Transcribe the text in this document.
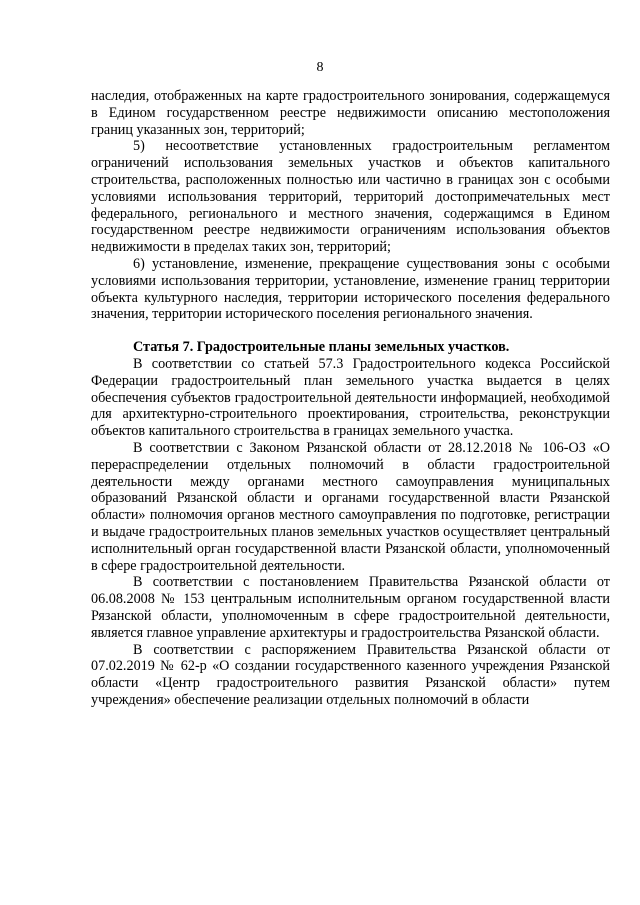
8

наследия, отображенных на карте градостроительного зонирования, содержащемуся в Едином государственном реестре недвижимости описанию местоположения границ указанных зон, территорий;

5) несоответствие установленных градостроительным регламентом ограничений использования земельных участков и объектов капитального строительства, расположенных полностью или частично в границах зон с особыми условиями использования территорий, территорий достопримечательных мест федерального, регионального и местного значения, содержащимся в Едином государственном реестре недвижимости ограничениям использования объектов недвижимости в пределах таких зон, территорий;

6) установление, изменение, прекращение существования зоны с особыми условиями использования территории, установление, изменение границ территории объекта культурного наследия, территории исторического поселения федерального значения, территории исторического поселения регионального значения.

Статья 7. Градостроительные планы земельных участков.

В соответствии со статьей 57.3 Градостроительного кодекса Российской Федерации градостроительный план земельного участка выдается в целях обеспечения субъектов градостроительной деятельности информацией, необходимой для архитектурно-строительного проектирования, строительства, реконструкции объектов капитального строительства в границах земельного участка.

В соответствии с Законом Рязанской области от 28.12.2018 № 106-ОЗ «О перераспределении отдельных полномочий в области градостроительной деятельности между органами местного самоуправления муниципальных образований Рязанской области и органами государственной власти Рязанской области» полномочия органов местного самоуправления по подготовке, регистрации и выдаче градостроительных планов земельных участков осуществляет центральный исполнительный орган государственной власти Рязанской области, уполномоченный в сфере градостроительной деятельности.

В соответствии с постановлением Правительства Рязанской области от 06.08.2008 № 153 центральным исполнительным органом государственной власти Рязанской области, уполномоченным в сфере градостроительной деятельности, является главное управление архитектуры и градостроительства Рязанской области.

В соответствии с распоряжением Правительства Рязанской области от 07.02.2019 № 62-р «О создании государственного казенного учреждения Рязанской области «Центр градостроительного развития Рязанской области» путем учреждения» обеспечение реализации отдельных полномочий в области
